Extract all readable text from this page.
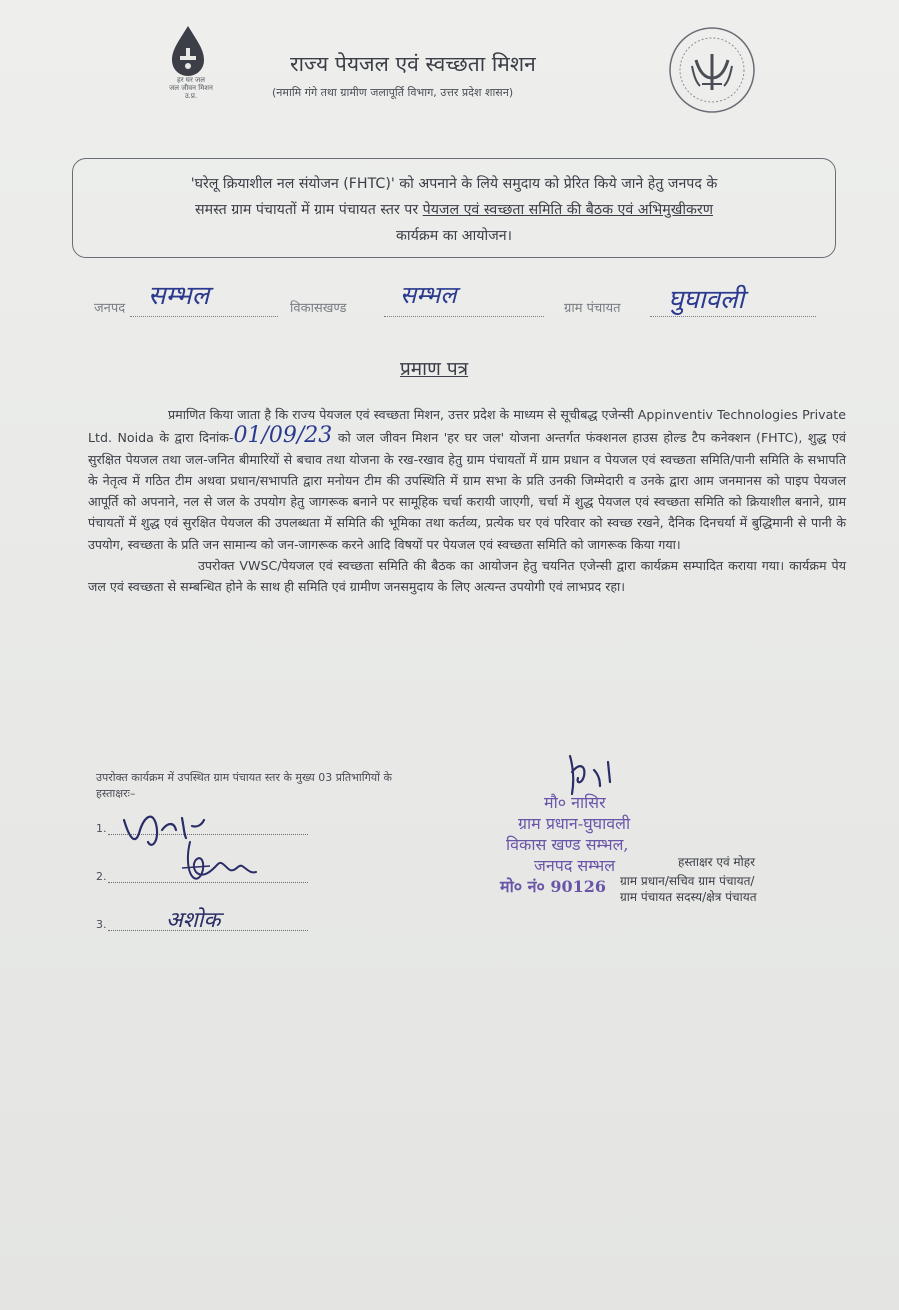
हर घर जल
जल जीवन मिशन
उ.प्र.
राज्य पेयजल एवं स्वच्छता मिशन
(नमामि गंगे तथा ग्रामीण जलापूर्ति विभाग, उत्तर प्रदेश शासन)
'घरेलू क्रियाशील नल संयोजन (FHTC)' को अपनाने के लिये समुदाय को प्रेरित किये जाने हेतु जनपद के
समस्त ग्राम पंचायतों में ग्राम पंचायत स्तर पर पेयजल एवं स्वच्छता समिति की बैठक एवं अभिमुखीकरण
कार्यक्रम का आयोजन।
जनपद सम्भल	विकासखण्ड सम्भल	ग्राम पंचायत घुघावली
प्रमाण पत्र

प्रमाणित किया जाता है कि राज्य पेयजल एवं स्वच्छता मिशन, उत्तर प्रदेश के माध्यम से सूचीबद्ध एजेन्सी Appinventiv Technologies Private Ltd. Noida के द्वारा दिनांक-01/09/23 को जल जीवन मिशन 'हर घर जल' योजना अन्तर्गत फंक्शनल हाउस होल्ड टैप कनेक्शन (FHTC), शुद्ध एवं सुरक्षित पेयजल तथा जल-जनित बीमारियों से बचाव तथा योजना के रख-रखाव हेतु ग्राम पंचायतों में ग्राम प्रधान व पेयजल एवं स्वच्छता समिति/पानी समिति के सभापति के नेतृत्व में गठित टीम अथवा प्रधान/सभापति द्वारा मनोयन टीम की उपस्थिति में ग्राम सभा के प्रति उनकी जिम्मेदारी व उनके द्वारा आम जनमानस को पाइप पेयजल आपूर्ति को अपनाने, नल से जल के उपयोग हेतु जागरूक बनाने पर सामूहिक चर्चा करायी जाएगी, चर्चा में शुद्ध पेयजल एवं स्वच्छता समिति को क्रियाशील बनाने, ग्राम पंचायतों में शुद्ध एवं सुरक्षित पेयजल की उपलब्धता में समिति की भूमिका तथा कर्तव्य, प्रत्येक घर एवं परिवार को स्वच्छ रखने, दैनिक दिनचर्या में बुद्धिमानी से पानी के उपयोग, स्वच्छता के प्रति जन सामान्य को जन-जागरूक करने आदि विषयों पर पेयजल एवं स्वच्छता समिति को जागरूक किया गया।

उपरोक्त VWSC/पेयजल एवं स्वच्छता समिति की बैठक का आयोजन हेतु चयनित एजेन्सी द्वारा कार्यक्रम सम्पादित कराया गया। कार्यक्रम पेय जल एवं स्वच्छता से सम्बन्धित होने के साथ ही समिति एवं ग्रामीण जनसमुदाय के लिए अत्यन्त उपयोगी एवं लाभप्रद रहा।

उपरोक्त कार्यक्रम में उपस्थित ग्राम पंचायत स्तर के मुख्य 03 प्रतिभागियों के
हस्ताक्षरः–
1.
2.
3.	अशोक
मौ० नासिर
ग्राम प्रधान-घुघावली
विकास खण्ड सम्भल,
जनपद सम्भल
मो० नं० 90126
हस्ताक्षर एवं मोहर
ग्राम प्रधान/सचिव ग्राम पंचायत/
ग्राम पंचायत सदस्य/क्षेत्र पंचायत
